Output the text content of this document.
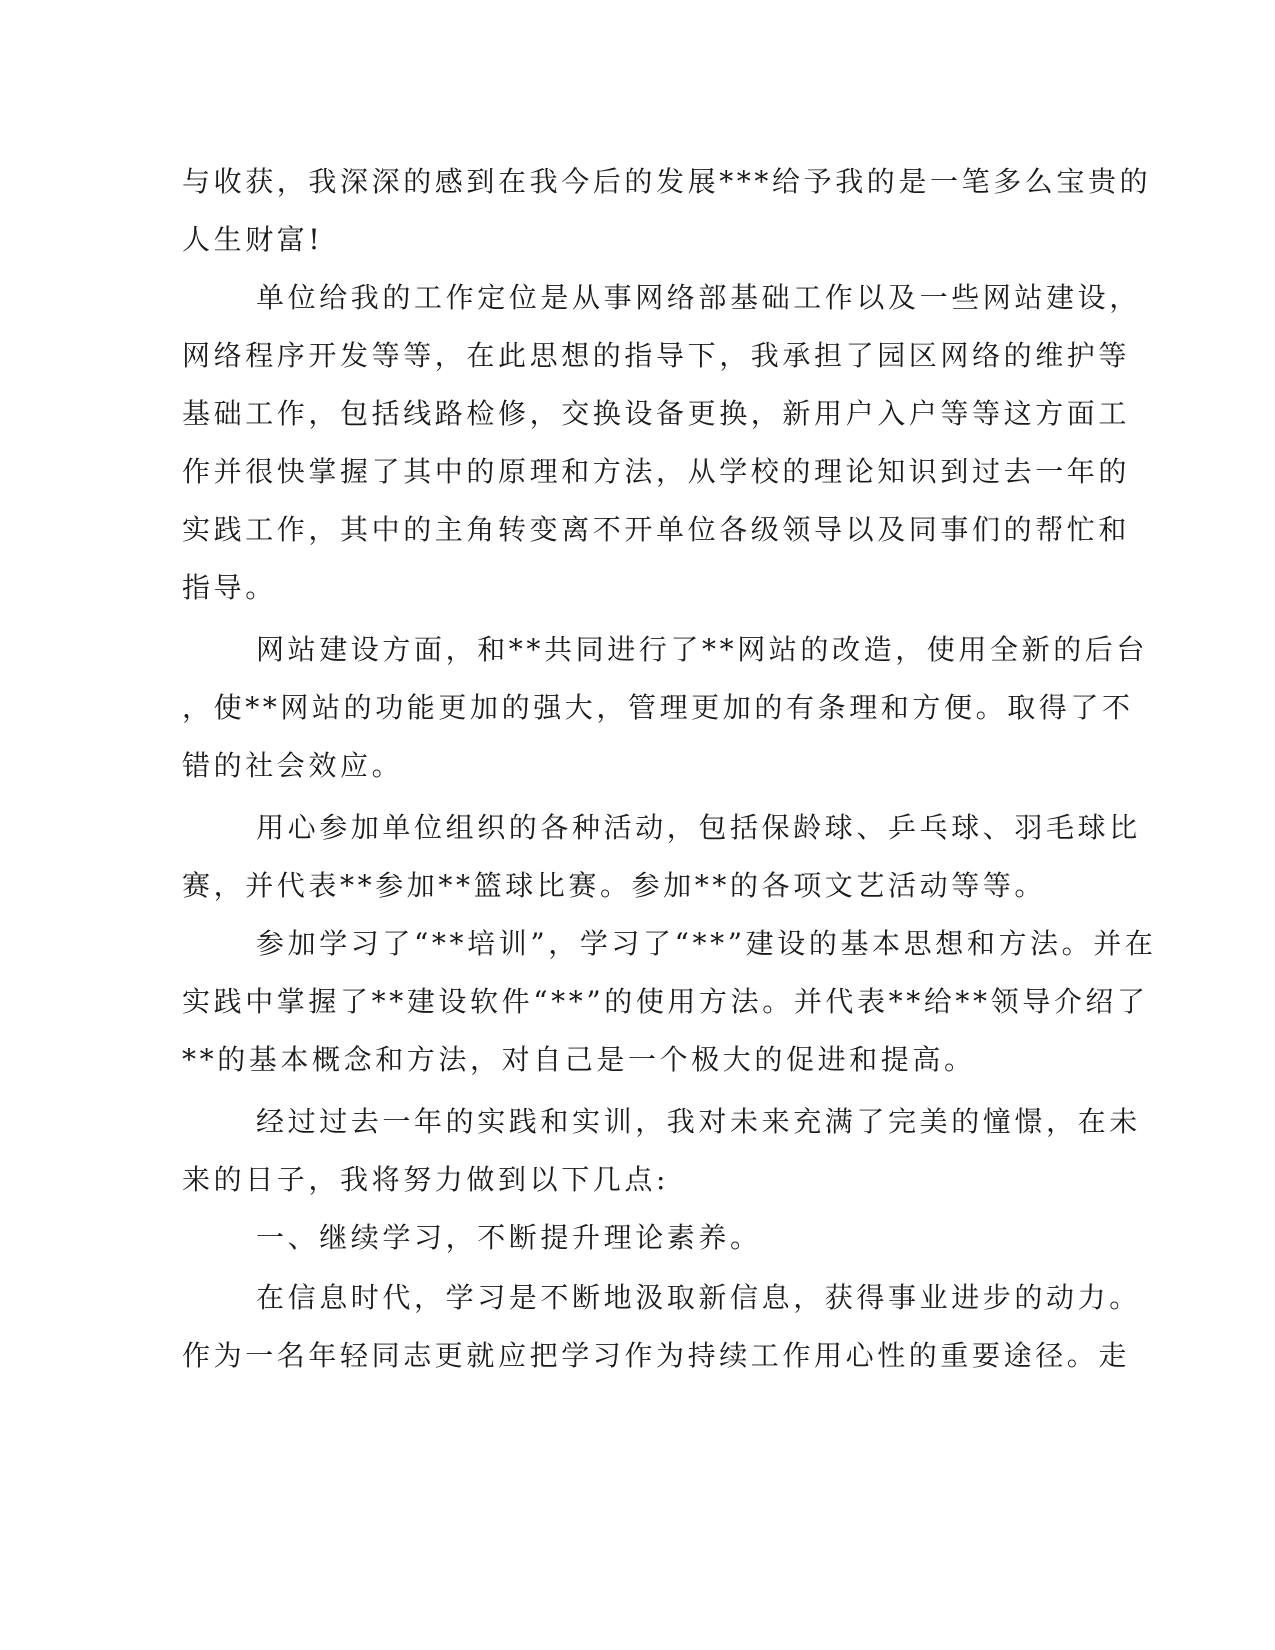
与收获，我深深的感到在我今后的发展***给予我的是一笔多么宝贵的
人生财富!
单位给我的工作定位是从事网络部基础工作以及一些网站建设，
网络程序开发等等，在此思想的指导下，我承担了园区网络的维护等
基础工作，包括线路检修，交换设备更换，新用户入户等等这方面工
作并很快掌握了其中的原理和方法，从学校的理论知识到过去一年的
实践工作，其中的主角转变离不开单位各级领导以及同事们的帮忙和
指导。
网站建设方面，和**共同进行了**网站的改造，使用全新的后台
，使**网站的功能更加的强大，管理更加的有条理和方便。取得了不
错的社会效应。
用心参加单位组织的各种活动，包括保龄球、乒乓球、羽毛球比
赛，并代表**参加**篮球比赛。参加**的各项文艺活动等等。
参加学习了“**培训”，学习了“**”建设的基本思想和方法。并在
实践中掌握了**建设软件“**”的使用方法。并代表**给**领导介绍了
**的基本概念和方法，对自己是一个极大的促进和提高。
经过过去一年的实践和实训，我对未来充满了完美的憧憬，在未
来的日子，我将努力做到以下几点:
一、继续学习，不断提升理论素养。
在信息时代，学习是不断地汲取新信息，获得事业进步的动力。
作为一名年轻同志更就应把学习作为持续工作用心性的重要途径。走
